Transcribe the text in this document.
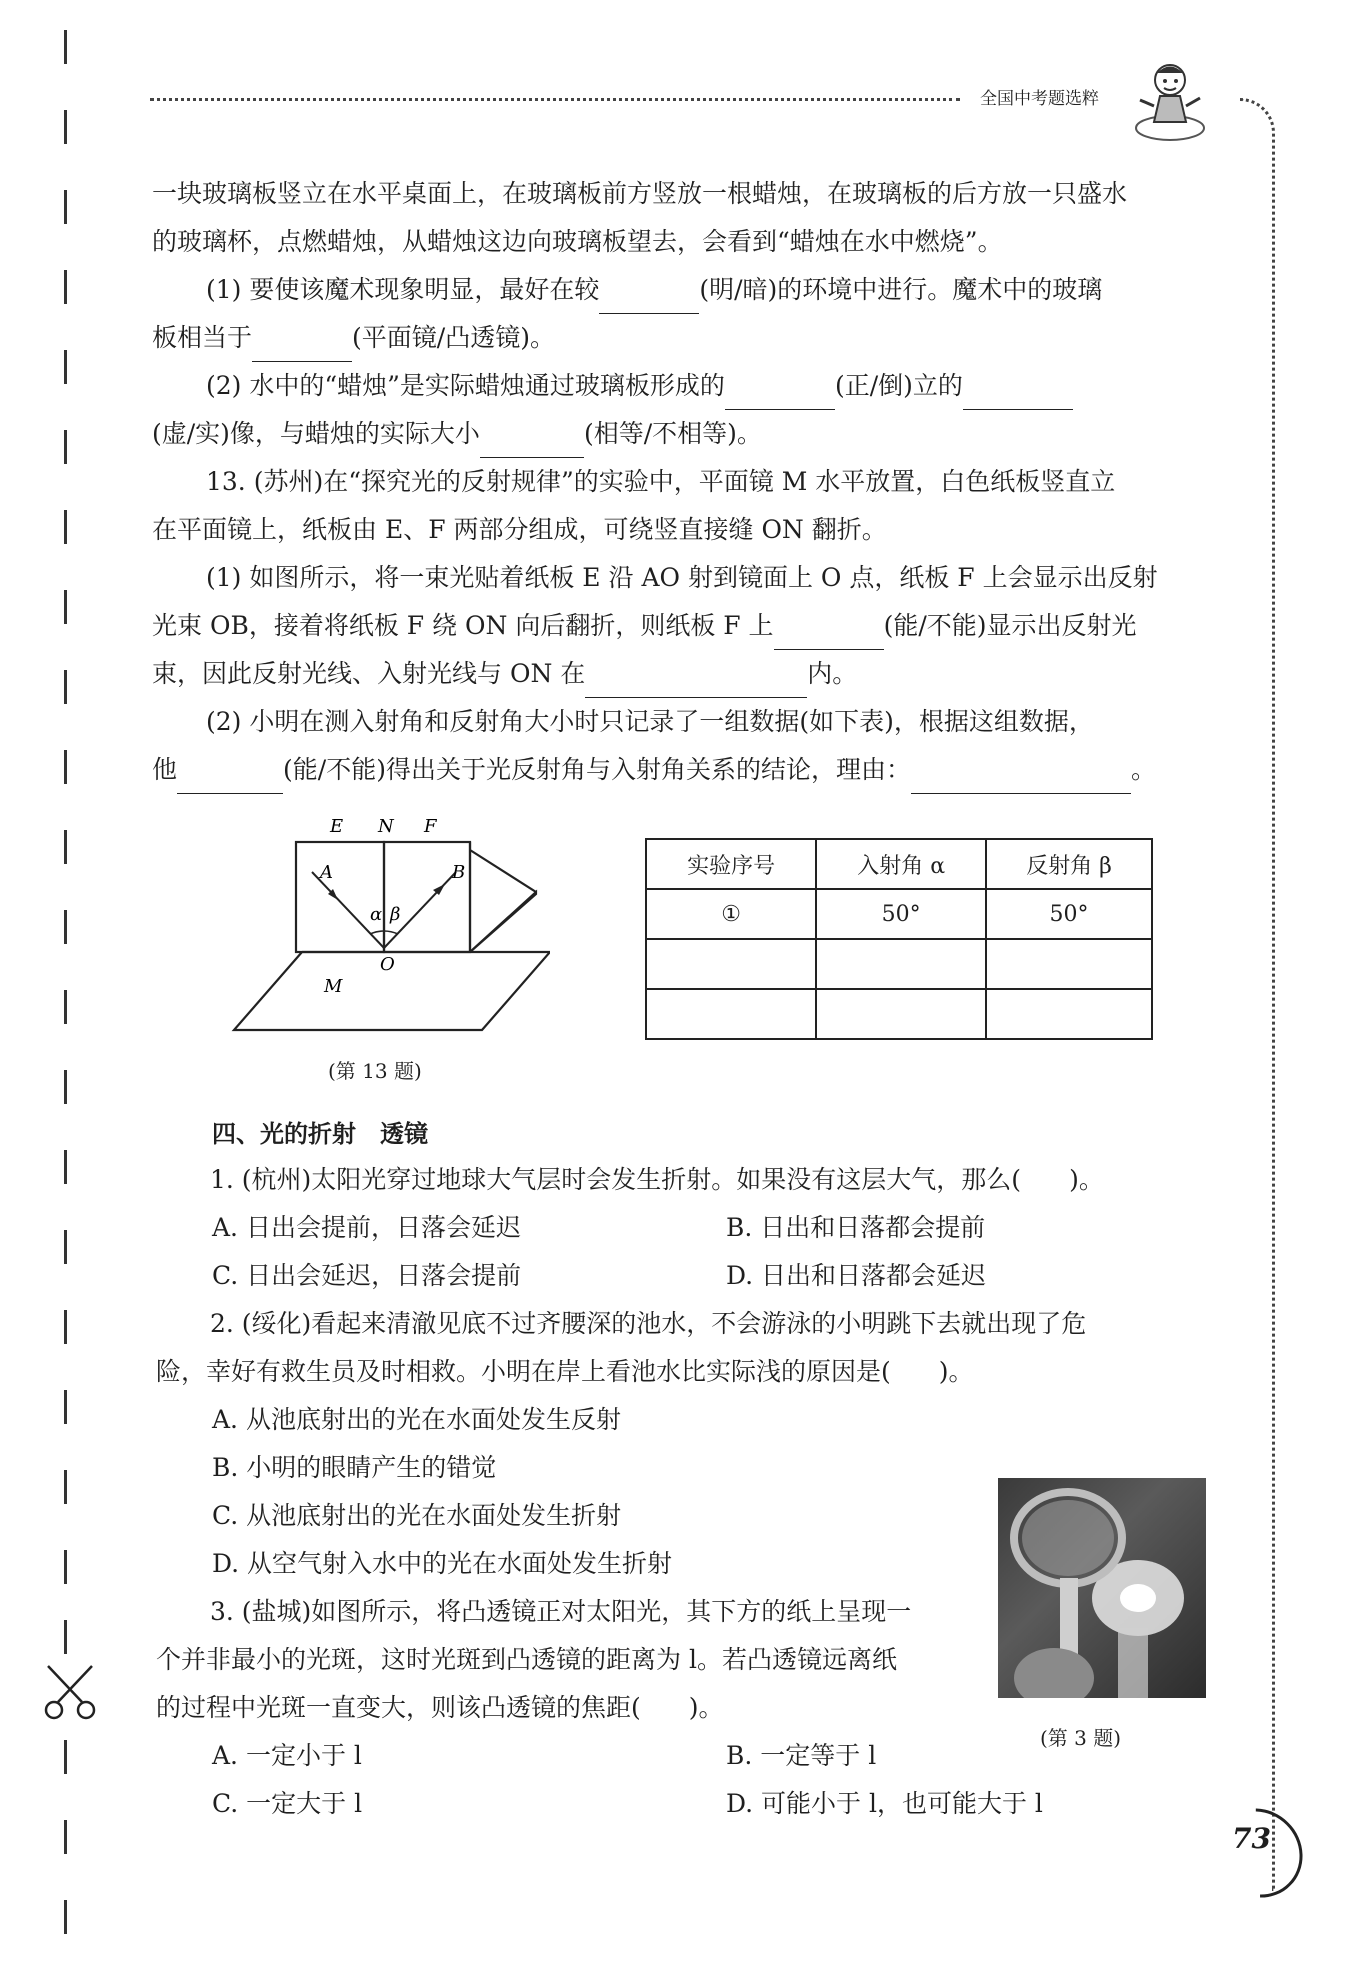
全国中考题选粹
一块玻璃板竖立在水平桌面上，在玻璃板前方竖放一根蜡烛，在玻璃板的后方放一只盛水
的玻璃杯，点燃蜡烛，从蜡烛这边向玻璃板望去，会看到“蜡烛在水中燃烧”。
(1) 要使该魔术现象明显，最好在较	(明/暗)的环境中进行。魔术中的玻璃
板相当于	(平面镜/凸透镜)。
(2) 水中的“蜡烛”是实际蜡烛通过玻璃板形成的	(正/倒)立的
(虚/实)像，与蜡烛的实际大小	(相等/不相等)。
13. (苏州)在“探究光的反射规律”的实验中，平面镜 M 水平放置，白色纸板竖直立
在平面镜上，纸板由 E、F 两部分组成，可绕竖直接缝 ON 翻折。
(1) 如图所示，将一束光贴着纸板 E 沿 AO 射到镜面上 O 点，纸板 F 上会显示出反射
光束 OB，接着将纸板 F 绕 ON 向后翻折，则纸板 F 上	(能/不能)显示出反射光
束，因此反射光线、入射光线与 ON 在	内。
(2) 小明在测入射角和反射角大小时只记录了一组数据(如下表)，根据这组数据，
他	(能/不能)得出关于光反射角与入射角关系的结论，理由：	。
E N F
A	B
α β
O
M
(第 13 题)
实验序号	入射角 α	反射角 β
①	50°	50°

四、光的折射　透镜
1. (杭州)太阳光穿过地球大气层时会发生折射。如果没有这层大气，那么( )。
A. 日出会提前，日落会延迟	B. 日出和日落都会提前
C. 日出会延迟，日落会提前	D. 日出和日落都会延迟
2. (绥化)看起来清澈见底不过齐腰深的池水，不会游泳的小明跳下去就出现了危
险，幸好有救生员及时相救。小明在岸上看池水比实际浅的原因是( )。
A. 从池底射出的光在水面处发生反射
B. 小明的眼睛产生的错觉
C. 从池底射出的光在水面处发生折射
D. 从空气射入水中的光在水面处发生折射
3. (盐城)如图所示，将凸透镜正对太阳光，其下方的纸上呈现一
个并非最小的光斑，这时光斑到凸透镜的距离为 l。若凸透镜远离纸
的过程中光斑一直变大，则该凸透镜的焦距( )。
A. 一定小于 l	B. 一定等于 l
C. 一定大于 l	D. 可能小于 l，也可能大于 l
(第 3 题)
73
